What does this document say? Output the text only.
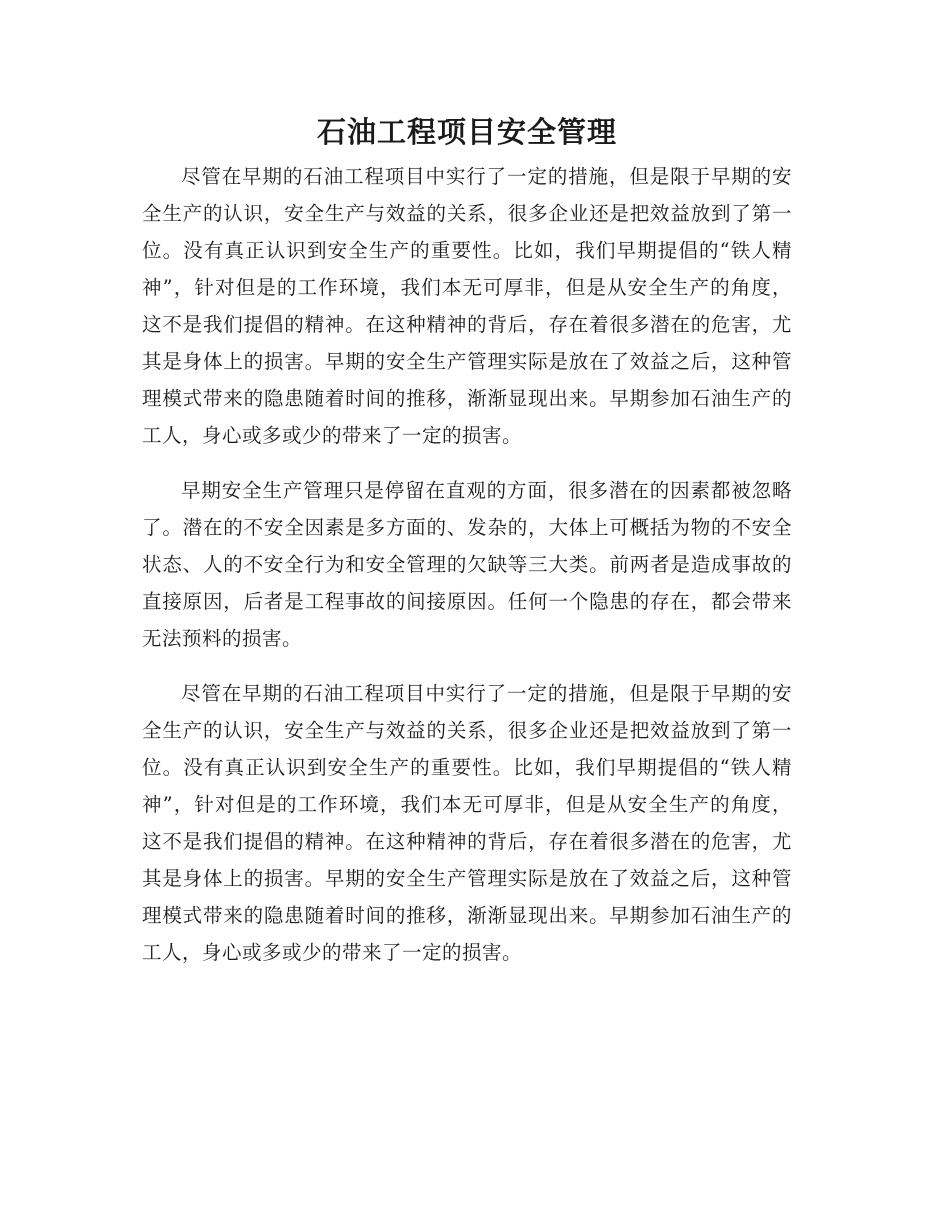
石油工程项目安全管理

尽管在早期的石油工程项目中实行了一定的措施，但是限于早期的安全生产的认识，安全生产与效益的关系，很多企业还是把效益放到了第一位。没有真正认识到安全生产的重要性。比如，我们早期提倡的“铁人精神”，针对但是的工作环境，我们本无可厚非，但是从安全生产的角度，这不是我们提倡的精神。在这种精神的背后，存在着很多潜在的危害，尤其是身体上的损害。早期的安全生产管理实际是放在了效益之后，这种管理模式带来的隐患随着时间的推移，渐渐显现出来。早期参加石油生产的工人，身心或多或少的带来了一定的损害。

早期安全生产管理只是停留在直观的方面，很多潜在的因素都被忽略了。潜在的不安全因素是多方面的、发杂的，大体上可概括为物的不安全状态、人的不安全行为和安全管理的欠缺等三大类。前两者是造成事故的直接原因，后者是工程事故的间接原因。任何一个隐患的存在，都会带来无法预料的损害。

尽管在早期的石油工程项目中实行了一定的措施，但是限于早期的安全生产的认识，安全生产与效益的关系，很多企业还是把效益放到了第一位。没有真正认识到安全生产的重要性。比如，我们早期提倡的“铁人精神”，针对但是的工作环境，我们本无可厚非，但是从安全生产的角度，这不是我们提倡的精神。在这种精神的背后，存在着很多潜在的危害，尤其是身体上的损害。早期的安全生产管理实际是放在了效益之后，这种管理模式带来的隐患随着时间的推移，渐渐显现出来。早期参加石油生产的工人，身心或多或少的带来了一定的损害。
